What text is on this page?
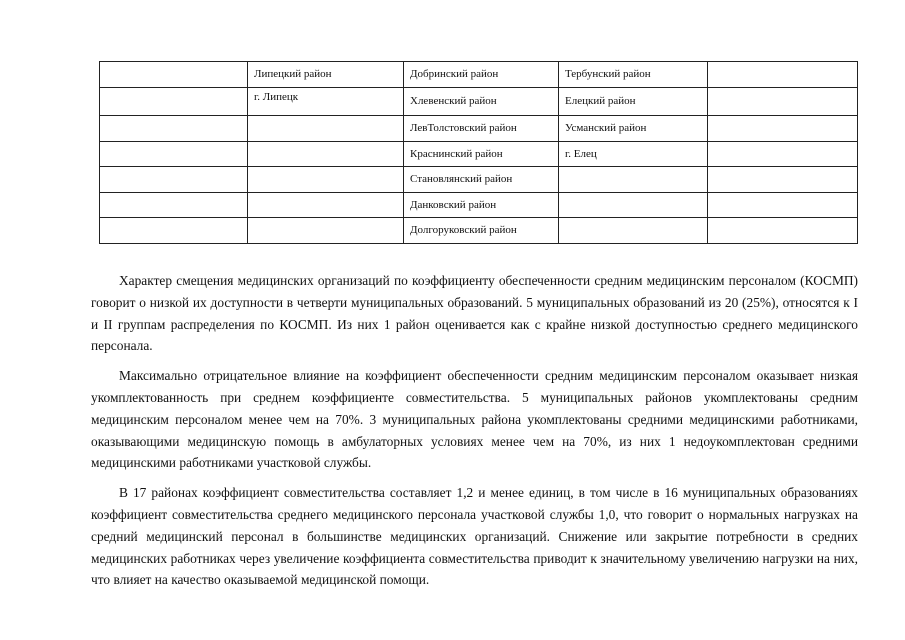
	Липецкий район	Добринский район	Тербунский район	
	г. Липецк	Хлевенский район	Елецкий район	
		ЛевТолстовский район	Усманский район	
		Краснинский район	г. Елец	
		Становлянский район		
		Данковский район		
		Долгоруковский район		

Характер смещения медицинских организаций по коэффициенту обеспеченности средним медицинским персоналом (КОСМП) говорит о низкой их доступности в четверти муниципальных образований. 5 муниципальных образований из 20 (25%), относятся к I и II группам распределения по КОСМП. Из них 1 район оценивается как с крайне низкой доступностью среднего медицинского персонала.

Максимально отрицательное влияние на коэффициент обеспеченности средним медицинским персоналом оказывает низкая укомплектованность при среднем коэффициенте совместительства. 5 муниципальных районов укомплектованы средним медицинским персоналом менее чем на 70%. 3 муниципальных района укомплектованы средними медицинскими работниками, оказывающими медицинскую помощь в амбулаторных условиях менее чем на 70%, из них 1 недоукомплектован средними медицинскими работниками участковой службы.

В 17 районах коэффициент совместительства составляет 1,2 и менее единиц, в том числе в 16 муниципальных образованиях коэффициент совместительства среднего медицинского персонала участковой службы 1,0, что говорит о нормальных нагрузках на средний медицинский персонал в большинстве медицинских организаций. Снижение или закрытие потребности в средних медицинских работниках через увеличение коэффициента совместительства приводит к значительному увеличению нагрузки на них, что влияет на качество оказываемой медицинской помощи.
